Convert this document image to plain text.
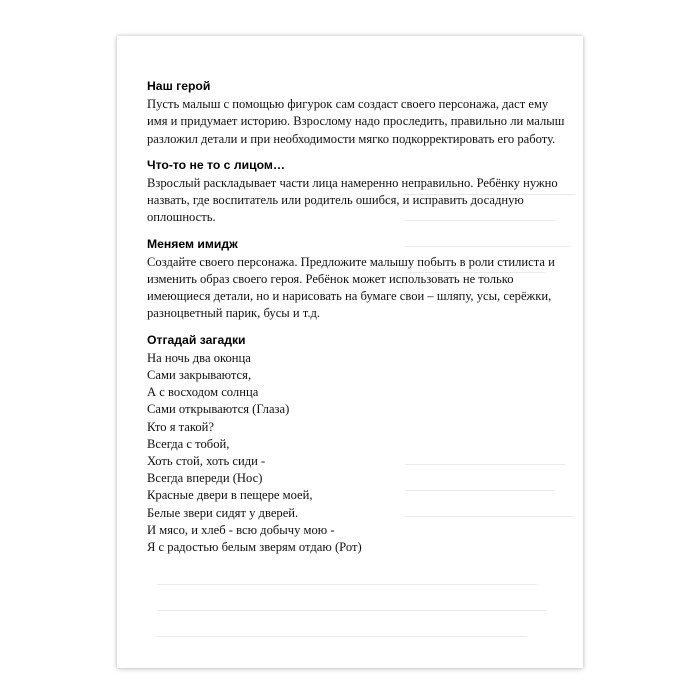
Наш герой

Пусть малыш с помощью фигурок сам создаст своего персонажа, даст ему имя и придумает историю. Взрослому надо проследить, правильно ли малыш разложил детали и при необходимости мягко подкорректировать его работу.

Что-то не то с лицом…

Взрослый раскладывает части лица намеренно неправильно. Ребёнку нужно назвать, где воспитатель или родитель ошибся, и исправить досадную оплошность.

Меняем имидж

Создайте своего персонажа. Предложите малышу побыть в роли стилиста и изменить образ своего героя. Ребёнок может использовать не только имеющиеся детали, но и нарисовать на бумаге свои – шляпу, усы, серёжки, разноцветный парик, бусы и т.д.

Отгадай загадки
На ночь два оконца
Сами закрываются,
А с восходом солнца
Сами открываются (Глаза)
Кто я такой?
Всегда с тобой,
Хоть стой, хоть сиди -
Всегда впереди (Нос)
Красные двери в пещере моей,
Белые звери сидят у дверей.
И мясо, и хлеб - всю добычу мою -
Я с радостью белым зверям отдаю (Рот)
